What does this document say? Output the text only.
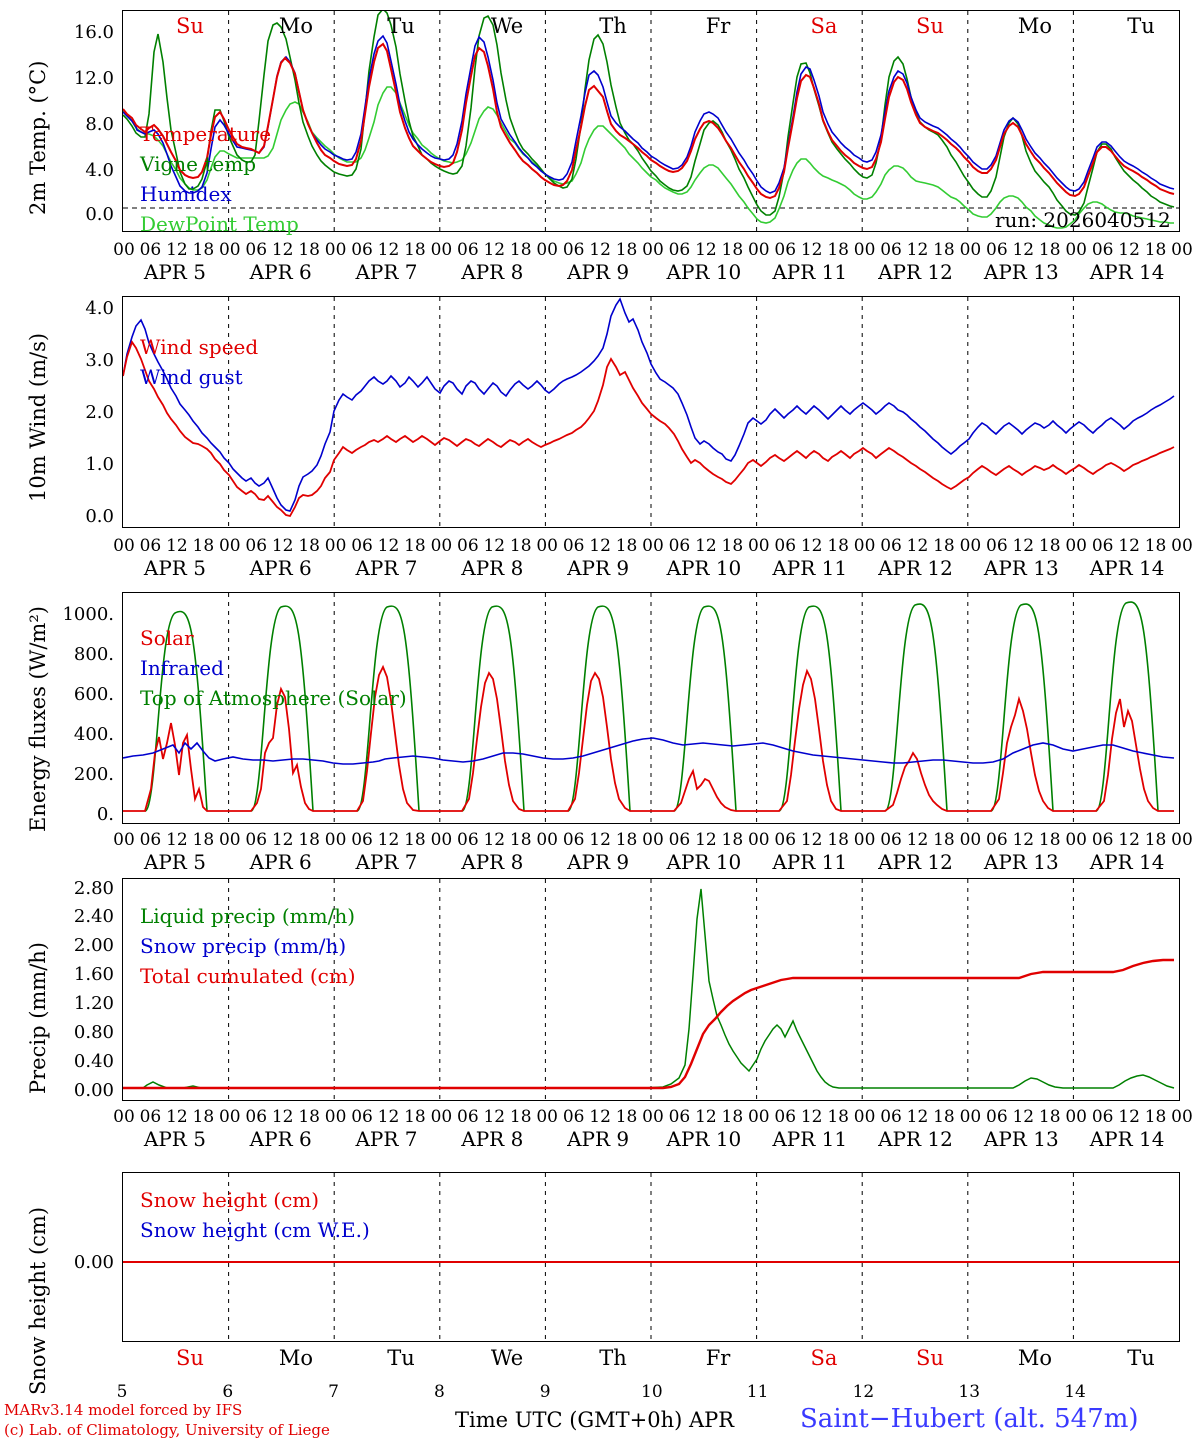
2m Temp. (°C)
16.0
12.0
8.0
4.0
0.0
Temperature
Vigne temp
Humidex
DewPoint Temp	run: 2026040512
Su	Mo	Tu	We	Th	Fr	Sa	Su	Mo	Tu
00 06 12 18 00 06 12 18 00 06 12 18 00 06 12 18 00 06 12 18 00 06 12 18 00 06 12 18 00 06 12 18 00 06 12 18 00 06 12 18 00
APR 5	APR 6	APR 7	APR 8	APR 9	APR 10	APR 11	APR 12	APR 13	APR 14
10m Wind (m/s)
4.0
3.0
2.0
1.0
0.0
Wind speed
Wind gust
00 06 12 18 00 06 12 18 00 06 12 18 00 06 12 18 00 06 12 18 00 06 12 18 00 06 12 18 00 06 12 18 00 06 12 18 00 06 12 18 00
APR 5	APR 6	APR 7	APR 8	APR 9	APR 10	APR 11	APR 12	APR 13	APR 14
Energy fluxes (W/m²) 1000.
800.
600.
400.
200.
0.
Solar
Infrared
Top of Atmosphere (Solar)
00 06 12 18 00 06 12 18 00 06 12 18 00 06 12 18 00 06 12 18 00 06 12 18 00 06 12 18 00 06 12 18 00 06 12 18 00 06 12 18 00
APR 5	APR 6	APR 7	APR 8	APR 9	APR 10	APR 11	APR 12	APR 13	APR 14
Precip (mm/h)
2.80
2.40
2.00
1.60
1.20
0.80
0.40
0.00
Liquid precip (mm/h)
Snow precip (mm/h)
Total cumulated (cm)
00 06 12 18 00 06 12 18 00 06 12 18 00 06 12 18 00 06 12 18 00 06 12 18 00 06 12 18 00 06 12 18 00 06 12 18 00 06 12 18 00
APR 5	APR 6	APR 7	APR 8	APR 9	APR 10	APR 11	APR 12	APR 13	APR 14
Snow height (cm)	0.00
Snow height (cm)
Snow height (cm W.E.)
Su	Mo	Tu	We	Th	Fr	Sa	Su	Mo	Tu
5	6	7	8	9	10	11	12	13	14
Time UTC (GMT+0h) APR	Saint−Hubert (alt. 547m)
MARv3.14 model forced by IFS
(c) Lab. of Climatology, University of Liege
